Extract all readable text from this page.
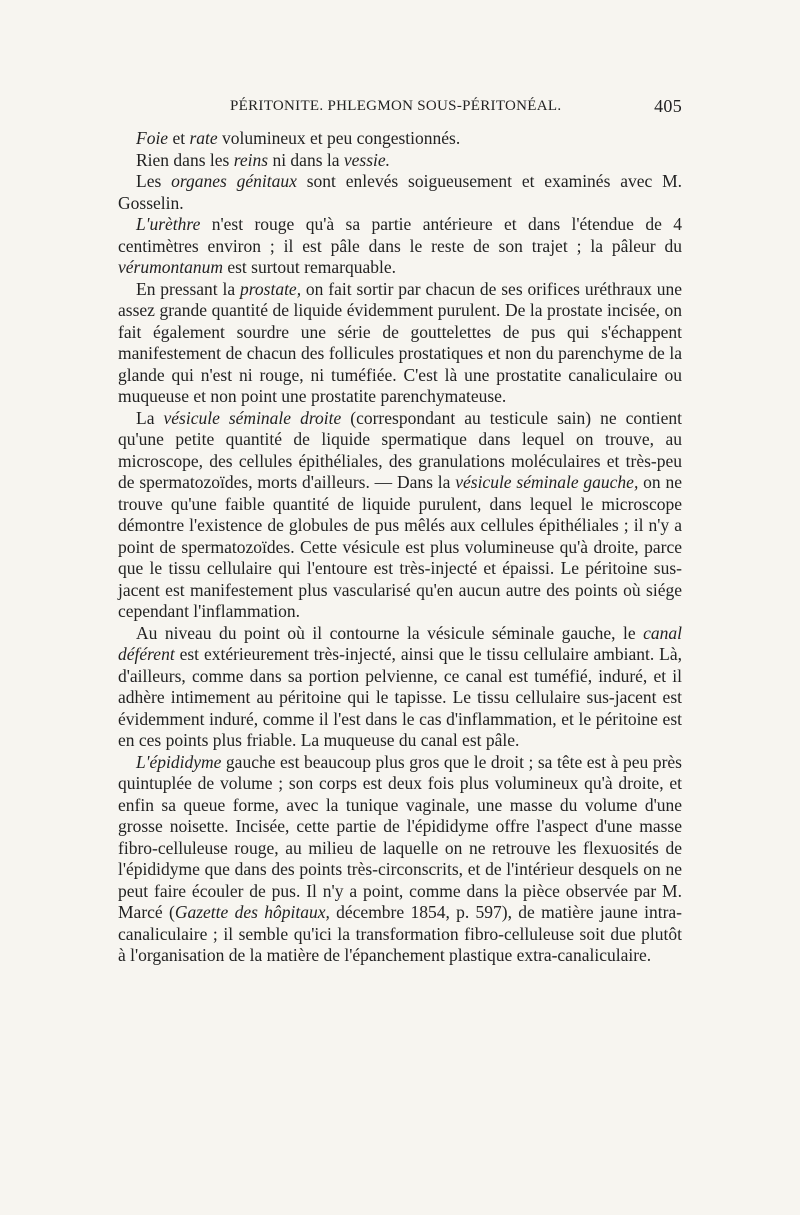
PÉRITONITE. PHLEGMON SOUS-PÉRITONÉAL.	405

Foie et rate volumineux et peu congestionnés.

Rien dans les reins ni dans la vessie.

Les organes génitaux sont enlevés soigueusement et examinés avec M. Gosselin.

L'urèthre n'est rouge qu'à sa partie antérieure et dans l'étendue de 4 centimètres environ ; il est pâle dans le reste de son trajet ; la pâleur du vérumontanum est surtout remarquable.

En pressant la prostate, on fait sortir par chacun de ses orifices uréthraux une assez grande quantité de liquide évidemment purulent. De la prostate incisée, on fait également sourdre une série de gouttelettes de pus qui s'échappent manifestement de chacun des follicules prostatiques et non du parenchyme de la glande qui n'est ni rouge, ni tuméfiée. C'est là une prostatite canaliculaire ou muqueuse et non point une prostatite parenchymateuse.

La vésicule séminale droite (correspondant au testicule sain) ne contient qu'une petite quantité de liquide spermatique dans lequel on trouve, au microscope, des cellules épithéliales, des granulations moléculaires et très-peu de spermatozoïdes, morts d'ailleurs. — Dans la vésicule séminale gauche, on ne trouve qu'une faible quantité de liquide purulent, dans lequel le microscope démontre l'existence de globules de pus mêlés aux cellules épithéliales ; il n'y a point de spermatozoïdes. Cette vésicule est plus volumineuse qu'à droite, parce que le tissu cellulaire qui l'entoure est très-injecté et épaissi. Le péritoine sus-jacent est manifestement plus vascularisé qu'en aucun autre des points où siége cependant l'inflammation.

Au niveau du point où il contourne la vésicule séminale gauche, le canal déférent est extérieurement très-injecté, ainsi que le tissu cellulaire ambiant. Là, d'ailleurs, comme dans sa portion pelvienne, ce canal est tuméfié, induré, et il adhère intimement au péritoine qui le tapisse. Le tissu cellulaire sus-jacent est évidemment induré, comme il l'est dans le cas d'inflammation, et le péritoine est en ces points plus friable. La muqueuse du canal est pâle.

L'épididyme gauche est beaucoup plus gros que le droit ; sa tête est à peu près quintuplée de volume ; son corps est deux fois plus volumineux qu'à droite, et enfin sa queue forme, avec la tunique vaginale, une masse du volume d'une grosse noisette. Incisée, cette partie de l'épididyme offre l'aspect d'une masse fibro-celluleuse rouge, au milieu de laquelle on ne retrouve les flexuosités de l'épididyme que dans des points très-circonscrits, et de l'intérieur desquels on ne peut faire écouler de pus. Il n'y a point, comme dans la pièce observée par M. Marcé (Gazette des hôpitaux, décembre 1854, p. 597), de matière jaune intra-canaliculaire ; il semble qu'ici la transformation fibro-celluleuse soit due plutôt à l'organisation de la matière de l'épanchement plastique extra-canaliculaire.
